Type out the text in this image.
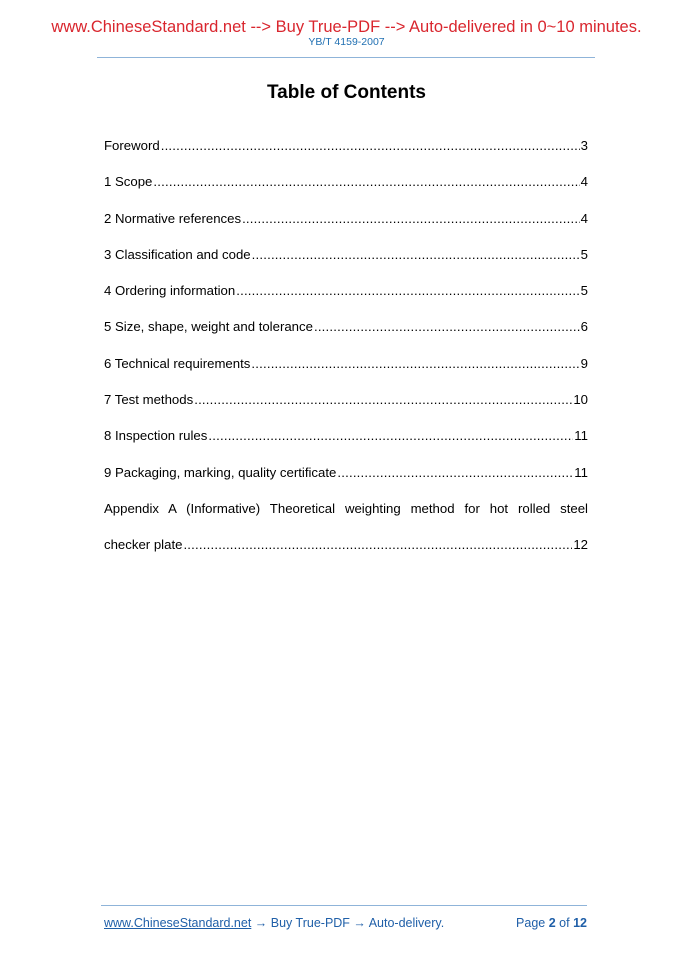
www.ChineseStandard.net --> Buy True-PDF --> Auto-delivered in 0~10 minutes.
YB/T 4159-2007
Table of Contents
Foreword .....	3
1 Scope .....	4
2 Normative references .....	4
3 Classification and code .....	5
4 Ordering information .....	5
5 Size, shape, weight and tolerance .....	6
6 Technical requirements .....	9
7 Test methods .....	10
8 Inspection rules .....	11
9 Packaging, marking, quality certificate .....	11
Appendix A (Informative) Theoretical weighting method for hot rolled steel
checker plate .....	12
www.ChineseStandard.net → Buy True-PDF → Auto-delivery.	Page 2 of 12
